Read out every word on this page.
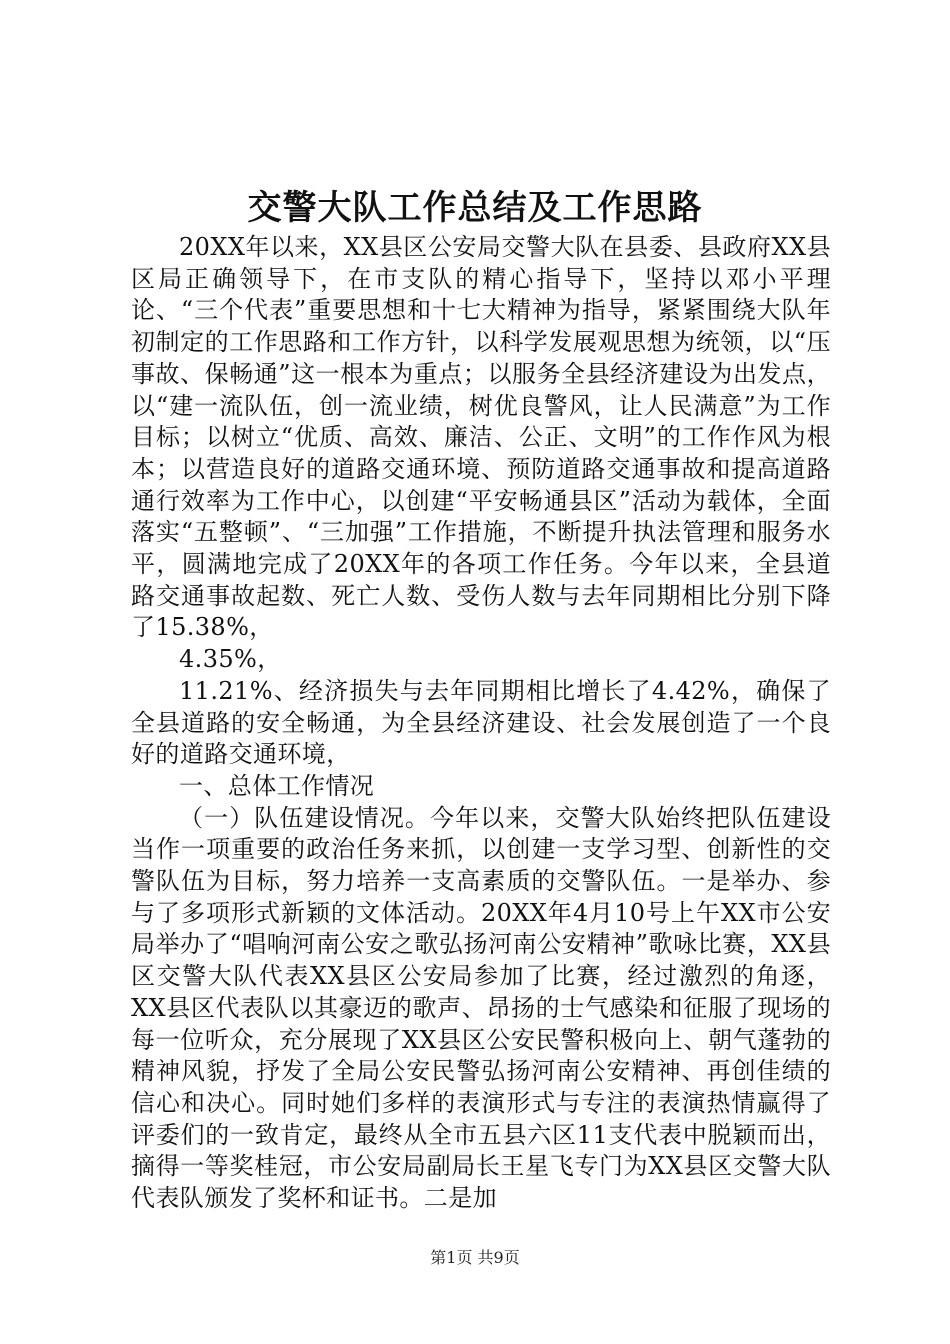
交警大队工作总结及工作思路

20XX年以来，XX县区公安局交警大队在县委、县政府XX县区局正确领导下，在市支队的精心指导下，坚持以邓小平理论、“三个代表”重要思想和十七大精神为指导，紧紧围绕大队年初制定的工作思路和工作方针，以科学发展观思想为统领，以“压事故、保畅通”这一根本为重点；以服务全县经济建设为出发点，以“建一流队伍，创一流业绩，树优良警风，让人民满意”为工作目标；以树立“优质、高效、廉洁、公正、文明”的工作作风为根本；以营造良好的道路交通环境、预防道路交通事故和提高道路通行效率为工作中心，以创建“平安畅通县区”活动为载体，全面落实“五整顿”、“三加强”工作措施，不断提升执法管理和服务水平，圆满地完成了20XX年的各项工作任务。今年以来，全县道路交通事故起数、死亡人数、受伤人数与去年同期相比分别下降了15.38%，

4.35%，

11.21%、经济损失与去年同期相比增长了4.42%，确保了全县道路的安全畅通，为全县经济建设、社会发展创造了一个良好的道路交通环境，

一、总体工作情况

（一）队伍建设情况。今年以来，交警大队始终把队伍建设当作一项重要的政治任务来抓，以创建一支学习型、创新性的交警队伍为目标，努力培养一支高素质的交警队伍。一是举办、参与了多项形式新颖的文体活动。20XX年4月10号上午XX市公安局举办了“唱响河南公安之歌弘扬河南公安精神”歌咏比赛，XX县区交警大队代表XX县区公安局参加了比赛，经过激烈的角逐，XX县区代表队以其豪迈的歌声、昂扬的士气感染和征服了现场的每一位听众，充分展现了XX县区公安民警积极向上、朝气蓬勃的精神风貌，抒发了全局公安民警弘扬河南公安精神、再创佳绩的信心和决心。同时她们多样的表演形式与专注的表演热情赢得了评委们的一致肯定，最终从全市五县六区11支代表中脱颖而出，摘得一等奖桂冠，市公安局副局长王星飞专门为XX县区交警大队代表队颁发了奖杯和证书。二是加

第1页 共9页
